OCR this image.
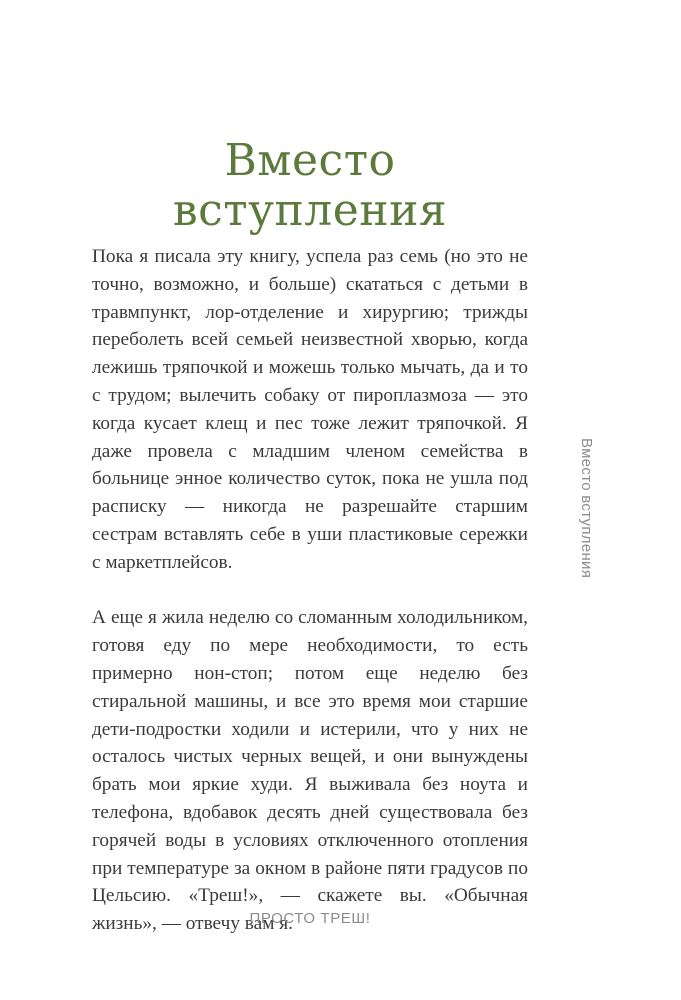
Вместо
вступления

Пока я писала эту книгу, успела раз семь (но это не точно, возможно, и больше) скататься с детьми в травмпункт, лор-отделение и хирургию; трижды переболеть всей семьей неизвестной хворью, когда лежишь тряпочкой и можешь только мычать, да и то с трудом; вылечить собаку от пироплазмоза — это когда кусает клещ и пес тоже лежит тряпочкой. Я даже провела с младшим членом семейства в больнице энное количество суток, пока не ушла под расписку — никогда не разрешайте старшим сестрам вставлять себе в уши пластиковые сережки с маркетплейсов.

А еще я жила неделю со сломанным холодильником, готовя еду по мере необходимости, то есть примерно нон-стоп; потом еще неделю без стиральной машины, и все это время мои старшие дети-подростки ходили и истерили, что у них не осталось чистых черных вещей, и они вынуждены брать мои яркие худи. Я выживала без ноута и телефона, вдобавок десять дней существовала без горячей воды в условиях отключенного отопления при температуре за окном в районе пяти градусов по Цельсию. «Треш!», — скажете вы. «Обычная жизнь», — отвечу вам я.

Вместо вступления
ПРОСТО ТРЕШ!
